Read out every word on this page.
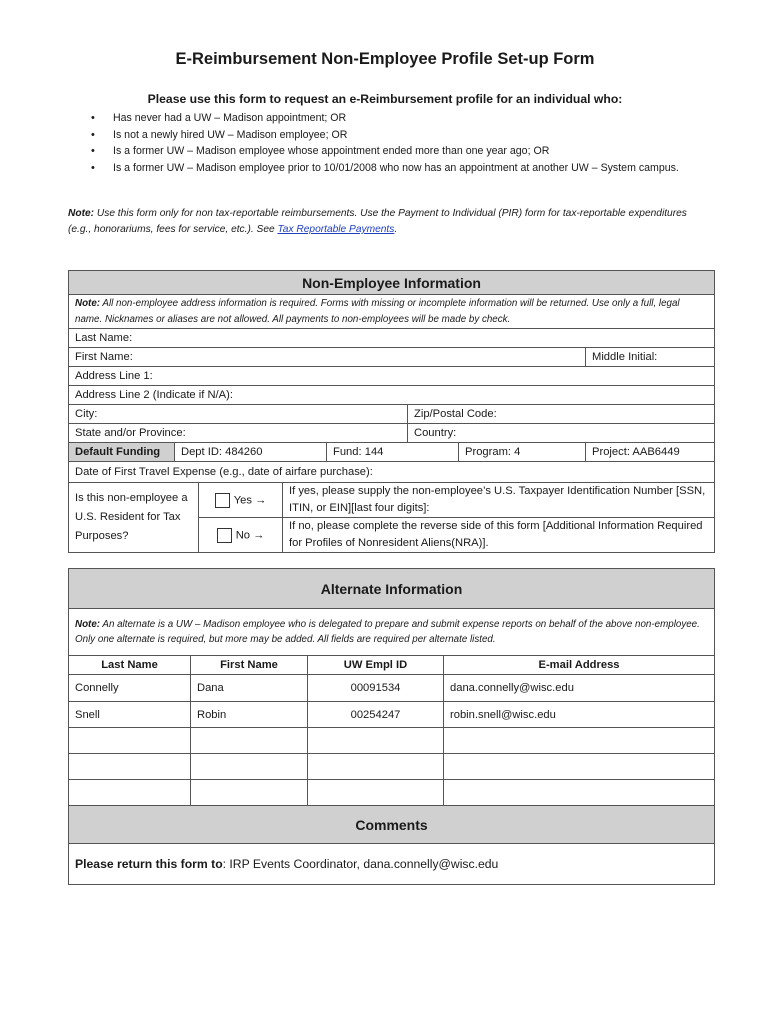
E-Reimbursement Non-Employee Profile Set-up Form
Please use this form to request an e-Reimbursement profile for an individual who:
• Has never had a UW – Madison appointment; OR
• Is not a newly hired UW – Madison employee; OR
• Is a former UW – Madison employee whose appointment ended more than one year ago; OR
• Is a former UW – Madison employee prior to 10/01/2008 who now has an appointment at another UW – System campus.
Note: Use this form only for non tax-reportable reimbursements. Use the Payment to Individual (PIR) form for tax-reportable expenditures (e.g., honorariums, fees for service, etc.). See Tax Reportable Payments.
Non-Employee Information							
Note: All non-employee address information is required. Forms with missing or incomplete information will be returned. Use only a full, legal name. Nicknames or aliases are not allowed. All payments to non-employees will be made by check.							
Last Name:							
First Name:							Middle Initial:
Address Line 1:							
Address Line 2 (Indicate if N/A):							
City:					Zip/Postal Code:		
State and/or Province:					Country:		
Default Funding	Dept ID: 484260			Fund: 144		Program: 4	Project: AAB6449
Date of First Travel Expense (e.g., date of airfare purchase):							
Is this non-employee a U.S. Resident for Tax Purposes?		Yes →	If yes, please supply the non-employee’s U.S. Taxpayer Identification Number [SSN, ITIN, or EIN][last four digits]:				
		No →	If no, please complete the reverse side of this form [Additional Information Required for Profiles of Nonresident Aliens(NRA)].				
Alternate Information			
Note: An alternate is a UW – Madison employee who is delegated to prepare and submit expense reports on behalf of the above non-employee. Only one alternate is required, but more may be added. All fields are required per alternate listed.			
Last Name	First Name	UW Empl ID	E-mail Address
Connelly	Dana	00091534	dana.connelly@wisc.edu
Snell	Robin	00254247	robin.snell@wisc.edu

Comments			
Please return this form to: IRP Events Coordinator, dana.connelly@wisc.edu			
